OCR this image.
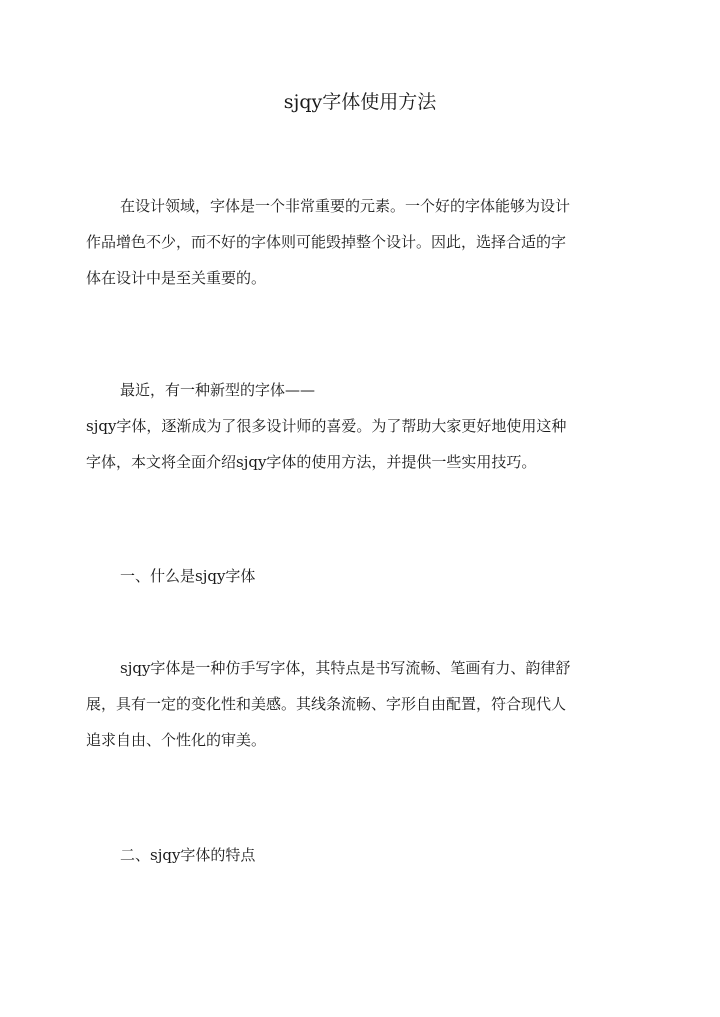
sjqy字体使用方法

在设计领域，字体是一个非常重要的元素。一个好的字体能够为设计
作品增色不少，而不好的字体则可能毁掉整个设计。因此，选择合适的字
体在设计中是至关重要的。

最近，有一种新型的字体——
sjqy字体，逐渐成为了很多设计师的喜爱。为了帮助大家更好地使用这种
字体，本文将全面介绍sjqy字体的使用方法，并提供一些实用技巧。

一、什么是sjqy字体

sjqy字体是一种仿手写字体，其特点是书写流畅、笔画有力、韵律舒
展，具有一定的变化性和美感。其线条流畅、字形自由配置，符合现代人
追求自由、个性化的审美。

二、sjqy字体的特点
